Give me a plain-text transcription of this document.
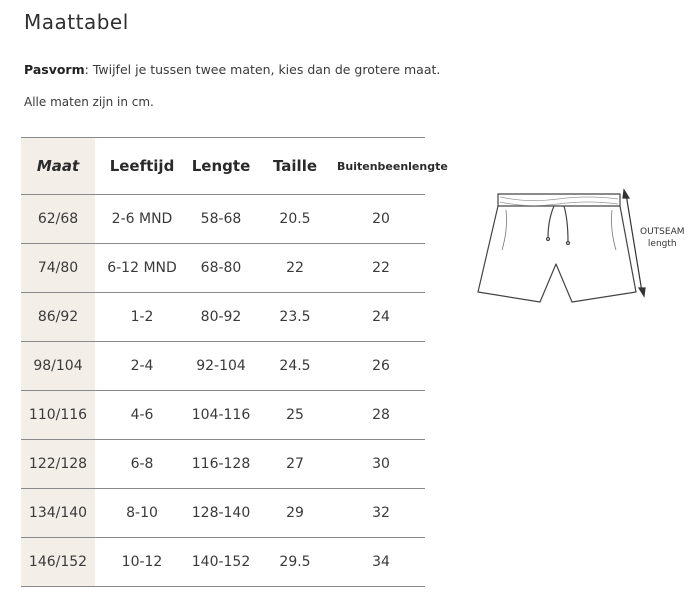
Maattabel
Pasvorm: Twijfel je tussen twee maten, kies dan de grotere maat.
Alle maten zijn in cm.
Maat	Leeftijd	Lengte	Taille	Buitenbeenlengte
62/68	2-6 MND	58-68	20.5	20
74/80	6-12 MND	68-80	22	22
86/92	1-2	80-92	23.5	24
98/104	2-4	92-104	24.5	26
110/116	4-6	104-116	25	28
122/128	6-8	116-128	27	30
134/140	8-10	128-140	29	32
146/152	10-12	140-152	29.5	34
OUTSEAM
length
